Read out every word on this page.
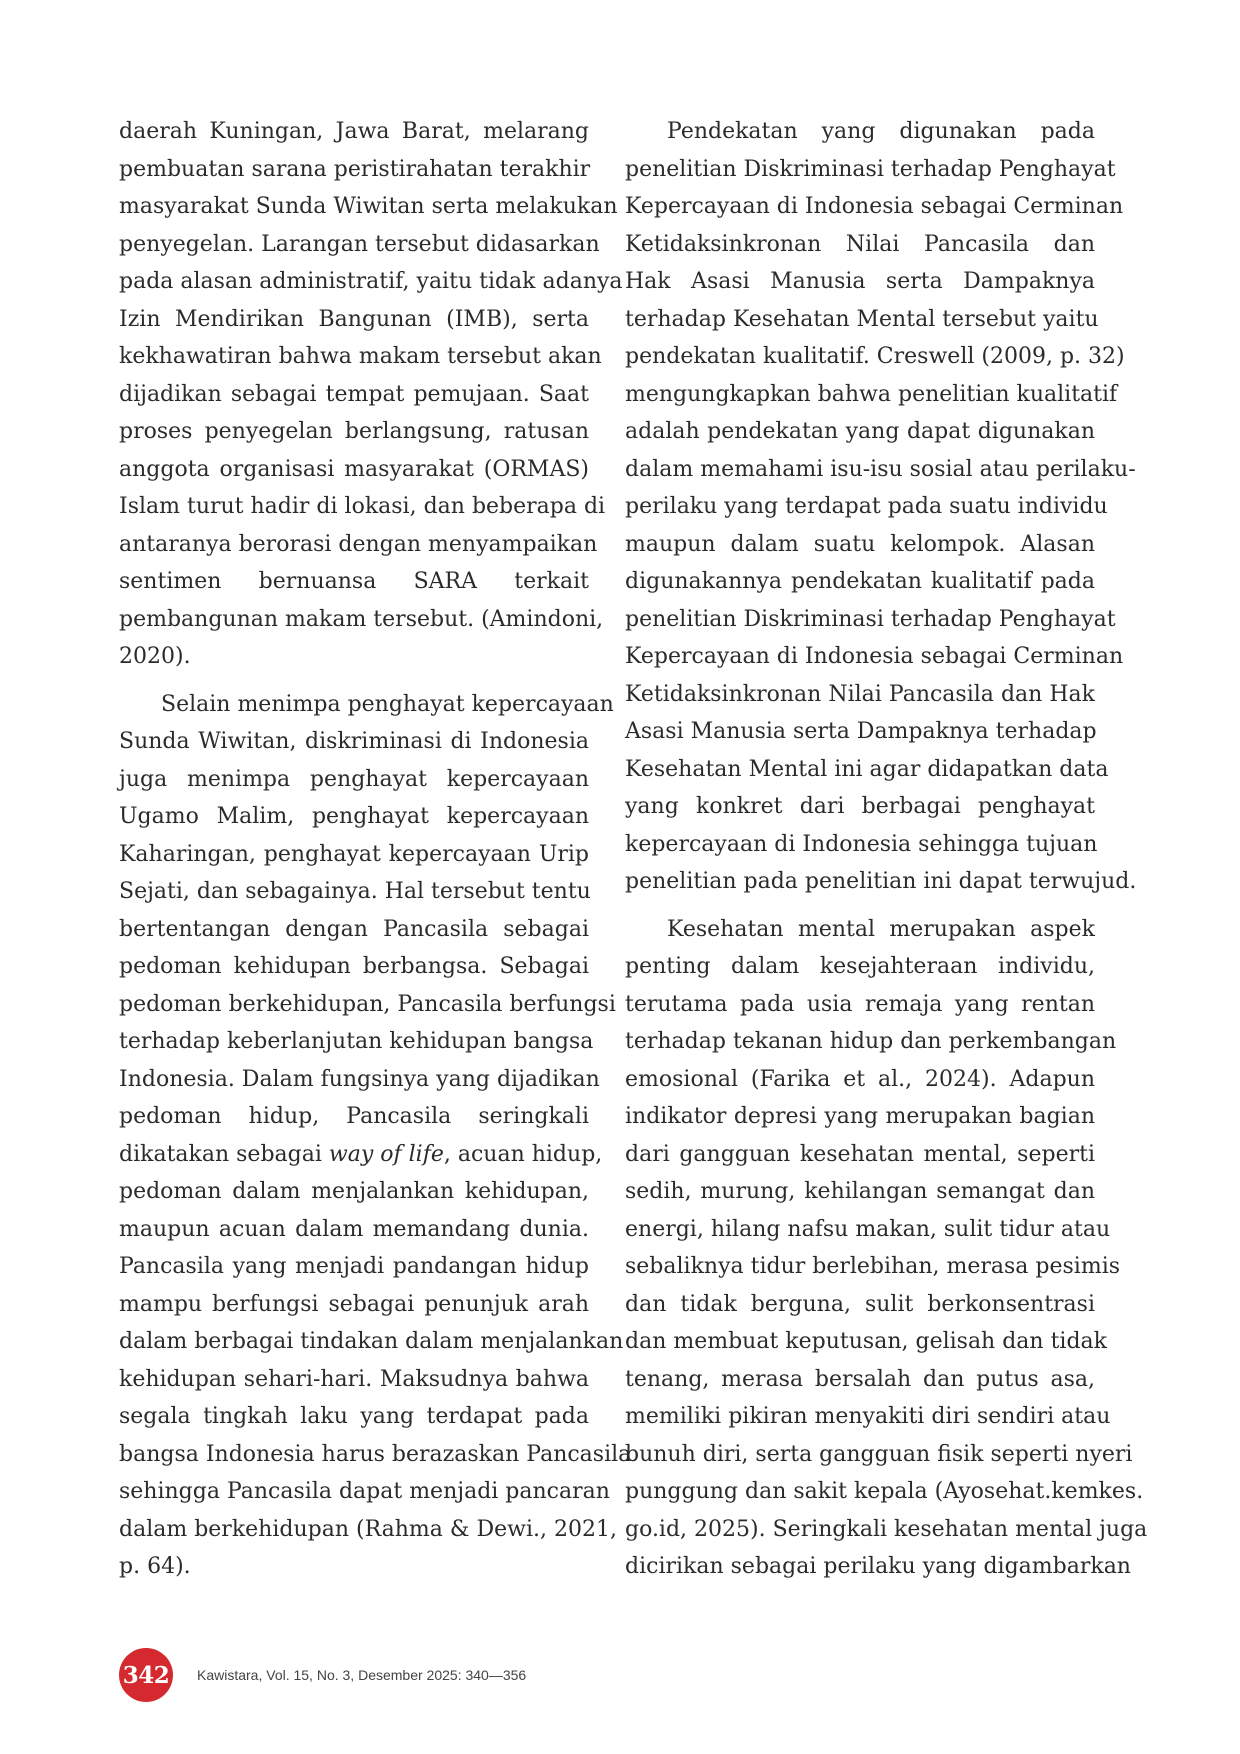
daerah Kuningan, Jawa Barat, melarang
pembuatan sarana peristirahatan terakhir
masyarakat Sunda Wiwitan serta melakukan
penyegelan. Larangan tersebut didasarkan
pada alasan administratif, yaitu tidak adanya
Izin Mendirikan Bangunan (IMB), serta
kekhawatiran bahwa makam tersebut akan
dijadikan sebagai tempat pemujaan. Saat
proses penyegelan berlangsung, ratusan
anggota organisasi masyarakat (ORMAS)
Islam turut hadir di lokasi, dan beberapa di
antaranya berorasi dengan menyampaikan
sentimen bernuansa SARA terkait
pembangunan makam tersebut. (Amindoni,
2020).
Selain menimpa penghayat kepercayaan
Sunda Wiwitan, diskriminasi di Indonesia
juga menimpa penghayat kepercayaan
Ugamo Malim, penghayat kepercayaan
Kaharingan, penghayat kepercayaan Urip
Sejati, dan sebagainya. Hal tersebut tentu
bertentangan dengan Pancasila sebagai
pedoman kehidupan berbangsa. Sebagai
pedoman berkehidupan, Pancasila berfungsi
terhadap keberlanjutan kehidupan bangsa
Indonesia. Dalam fungsinya yang dijadikan
pedoman hidup, Pancasila seringkali
dikatakan sebagai way of life, acuan hidup,
pedoman dalam menjalankan kehidupan,
maupun acuan dalam memandang dunia.
Pancasila yang menjadi pandangan hidup
mampu berfungsi sebagai penunjuk arah
dalam berbagai tindakan dalam menjalankan
kehidupan sehari-hari. Maksudnya bahwa
segala tingkah laku yang terdapat pada
bangsa Indonesia harus berazaskan Pancasila
sehingga Pancasila dapat menjadi pancaran
dalam berkehidupan (Rahma & Dewi., 2021,
p. 64).
Pendekatan yang digunakan pada
penelitian Diskriminasi terhadap Penghayat
Kepercayaan di Indonesia sebagai Cerminan
Ketidaksinkronan Nilai Pancasila dan
Hak Asasi Manusia serta Dampaknya
terhadap Kesehatan Mental tersebut yaitu
pendekatan kualitatif. Creswell (2009, p. 32)
mengungkapkan bahwa penelitian kualitatif
adalah pendekatan yang dapat digunakan
dalam memahami isu-isu sosial atau perilaku-
perilaku yang terdapat pada suatu individu
maupun dalam suatu kelompok. Alasan
digunakannya pendekatan kualitatif pada
penelitian Diskriminasi terhadap Penghayat
Kepercayaan di Indonesia sebagai Cerminan
Ketidaksinkronan Nilai Pancasila dan Hak
Asasi Manusia serta Dampaknya terhadap
Kesehatan Mental ini agar didapatkan data
yang konkret dari berbagai penghayat
kepercayaan di Indonesia sehingga tujuan
penelitian pada penelitian ini dapat terwujud.
Kesehatan mental merupakan aspek
penting dalam kesejahteraan individu,
terutama pada usia remaja yang rentan
terhadap tekanan hidup dan perkembangan
emosional (Farika et al., 2024). Adapun
indikator depresi yang merupakan bagian
dari gangguan kesehatan mental, seperti
sedih, murung, kehilangan semangat dan
energi, hilang nafsu makan, sulit tidur atau
sebaliknya tidur berlebihan, merasa pesimis
dan tidak berguna, sulit berkonsentrasi
dan membuat keputusan, gelisah dan tidak
tenang, merasa bersalah dan putus asa,
memiliki pikiran menyakiti diri sendiri atau
bunuh diri, serta gangguan fisik seperti nyeri
punggung dan sakit kepala (Ayosehat.kemkes.
go.id, 2025). Seringkali kesehatan mental juga
dicirikan sebagai perilaku yang digambarkan
342 Kawistara, Vol. 15, No. 3, Desember 2025: 340—356
